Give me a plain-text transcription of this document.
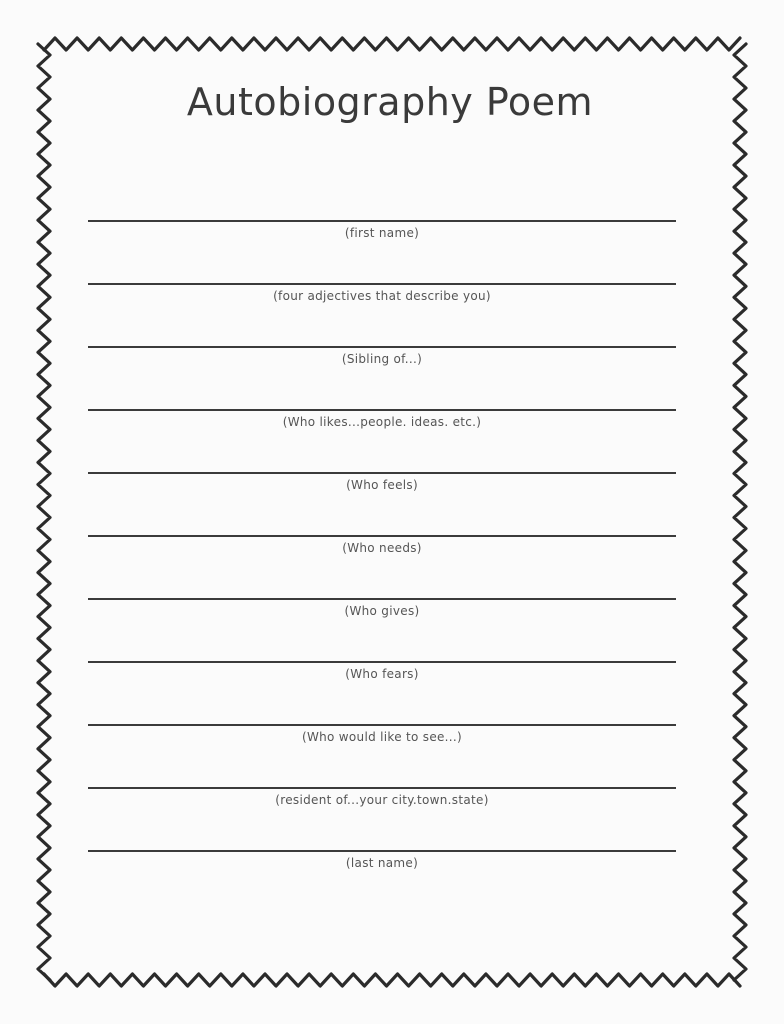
Autobiography Poem
(first name)
(four adjectives that describe you)
(Sibling of...)
(Who likes...people. ideas. etc.)
(Who feels)
(Who needs)
(Who gives)
(Who fears)
(Who would like to see...)
(resident of...your city.town.state)
(last name)
